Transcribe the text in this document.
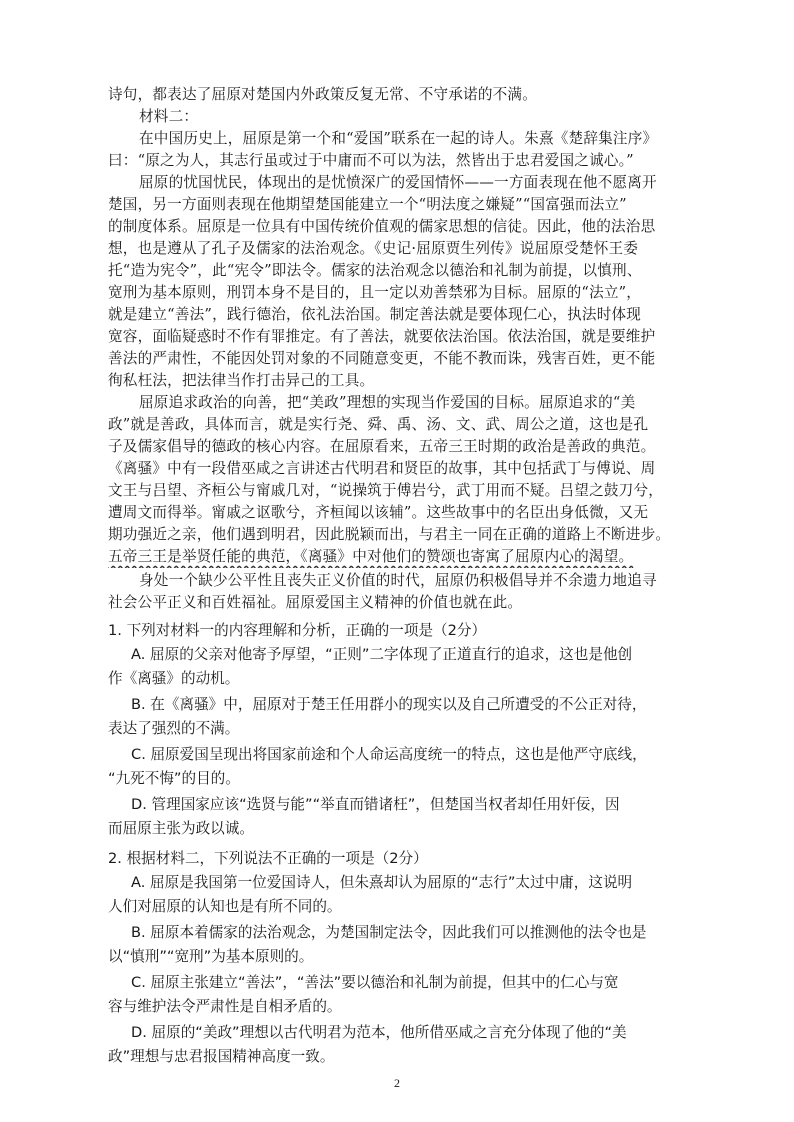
诗句，都表达了屈原对楚国内外政策反复无常、不守承诺的不满。
材料二：
在中国历史上，屈原是第一个和“爱国”联系在一起的诗人。朱熹《楚辞集注序》
曰：“原之为人，其志行虽或过于中庸而不可以为法，然皆出于忠君爱国之诚心。”
屈原的忧国忧民，体现出的是忧愤深广的爱国情怀——一方面表现在他不愿离开
楚国，另一方面则表现在他期望楚国能建立一个“明法度之嫌疑”“国富强而法立”
的制度体系。屈原是一位具有中国传统价值观的儒家思想的信徒。因此，他的法治思
想，也是遵从了孔子及儒家的法治观念。《史记·屈原贾生列传》说屈原受楚怀王委
托“造为宪令”，此“宪令”即法令。儒家的法治观念以德治和礼制为前提，以慎刑、
宽刑为基本原则，刑罚本身不是目的，且一定以劝善禁邪为目标。屈原的“法立”，
就是建立“善法”，践行德治，依礼法治国。制定善法就是要体现仁心，执法时体现
宽容，面临疑惑时不作有罪推定。有了善法，就要依法治国。依法治国，就是要维护
善法的严肃性，不能因处罚对象的不同随意变更，不能不教而诛，残害百姓，更不能
徇私枉法，把法律当作打击异己的工具。
屈原追求政治的向善，把“美政”理想的实现当作爱国的目标。屈原追求的“美
政”就是善政，具体而言，就是实行尧、舜、禹、汤、文、武、周公之道，这也是孔
子及儒家倡导的德政的核心内容。在屈原看来，五帝三王时期的政治是善政的典范。
《离骚》中有一段借巫咸之言讲述古代明君和贤臣的故事，其中包括武丁与傅说、周
文王与吕望、齐桓公与甯戚几对，“说操筑于傅岩兮，武丁用而不疑。吕望之鼓刀兮，
遭周文而得举。甯戚之讴歌兮，齐桓闻以该辅”。这些故事中的名臣出身低微，又无
期功强近之亲，他们遇到明君，因此脱颖而出，与君主一同在正确的道路上不断进步。
五帝三王是举贤任能的典范，《离骚》中对他们的赞颂也寄寓了屈原内心的渴望。
身处一个缺少公平性且丧失正义价值的时代，屈原仍积极倡导并不余遗力地追寻
社会公平正义和百姓福祉。屈原爱国主义精神的价值也就在此。
1. 下列对材料一的内容理解和分析，正确的一项是（2分）
A. 屈原的父亲对他寄予厚望，“正则”二字体现了正道直行的追求，这也是他创
作《离骚》的动机。
B. 在《离骚》中，屈原对于楚王任用群小的现实以及自己所遭受的不公正对待，
表达了强烈的不满。
C. 屈原爱国呈现出将国家前途和个人命运高度统一的特点，这也是他严守底线，
“九死不悔”的目的。
D. 管理国家应该“选贤与能”“举直而错诸枉”，但楚国当权者却任用奸佞，因
而屈原主张为政以诚。
2. 根据材料二，下列说法不正确的一项是（2分）
A. 屈原是我国第一位爱国诗人，但朱熹却认为屈原的“志行”太过中庸，这说明
人们对屈原的认知也是有所不同的。
B. 屈原本着儒家的法治观念，为楚国制定法令，因此我们可以推测他的法令也是
以“慎刑”“宽刑”为基本原则的。
2
C. 屈原主张建立“善法”，“善法”要以德治和礼制为前提，但其中的仁心与宽
容与维护法令严肃性是自相矛盾的。
D. 屈原的“美政”理想以古代明君为范本，他所借巫咸之言充分体现了他的“美
政”理想与忠君报国精神高度一致。
